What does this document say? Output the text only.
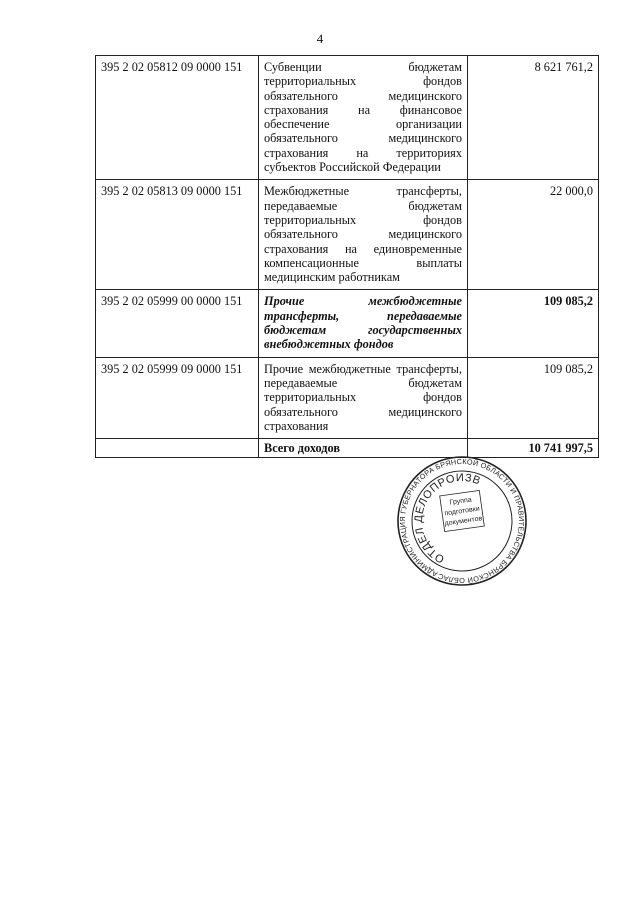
4
395 2 02 05812 09 0000 151	Субвенции бюджетам территориальных фондов обязательного медицинского страхования на финансовое обеспечение организации обязательного медицинского страхования на территориях субъектов Российской Федерации	8 621 761,2
395 2 02 05813 09 0000 151	Межбюджетные трансферты, передаваемые бюджетам территориальных фондов обязательного медицинского страхования на единовременные компенсационные выплаты медицинским работникам	22 000,0
395 2 02 05999 00 0000 151	Прочие межбюджетные трансферты, передаваемые бюджетам государственных внебюджетных фондов	109 085,2
395 2 02 05999 09 0000 151	Прочие межбюджетные трансферты, передаваемые бюджетам территориальных фондов обязательного медицинского страхования	109 085,2
	Всего доходов	10 741 997,5
АДМИНИСТРАЦИЯ ГУБЕРНАТОРА БРЯНСКОЙ ОБЛАСТИ И ПРАВИТЕЛЬСТВА БРЯНСКОЙ ОБЛАСТИ	ОТДЕЛ ДЕЛОПРОИЗВОДСТВА
Группа
подготовки
документов
